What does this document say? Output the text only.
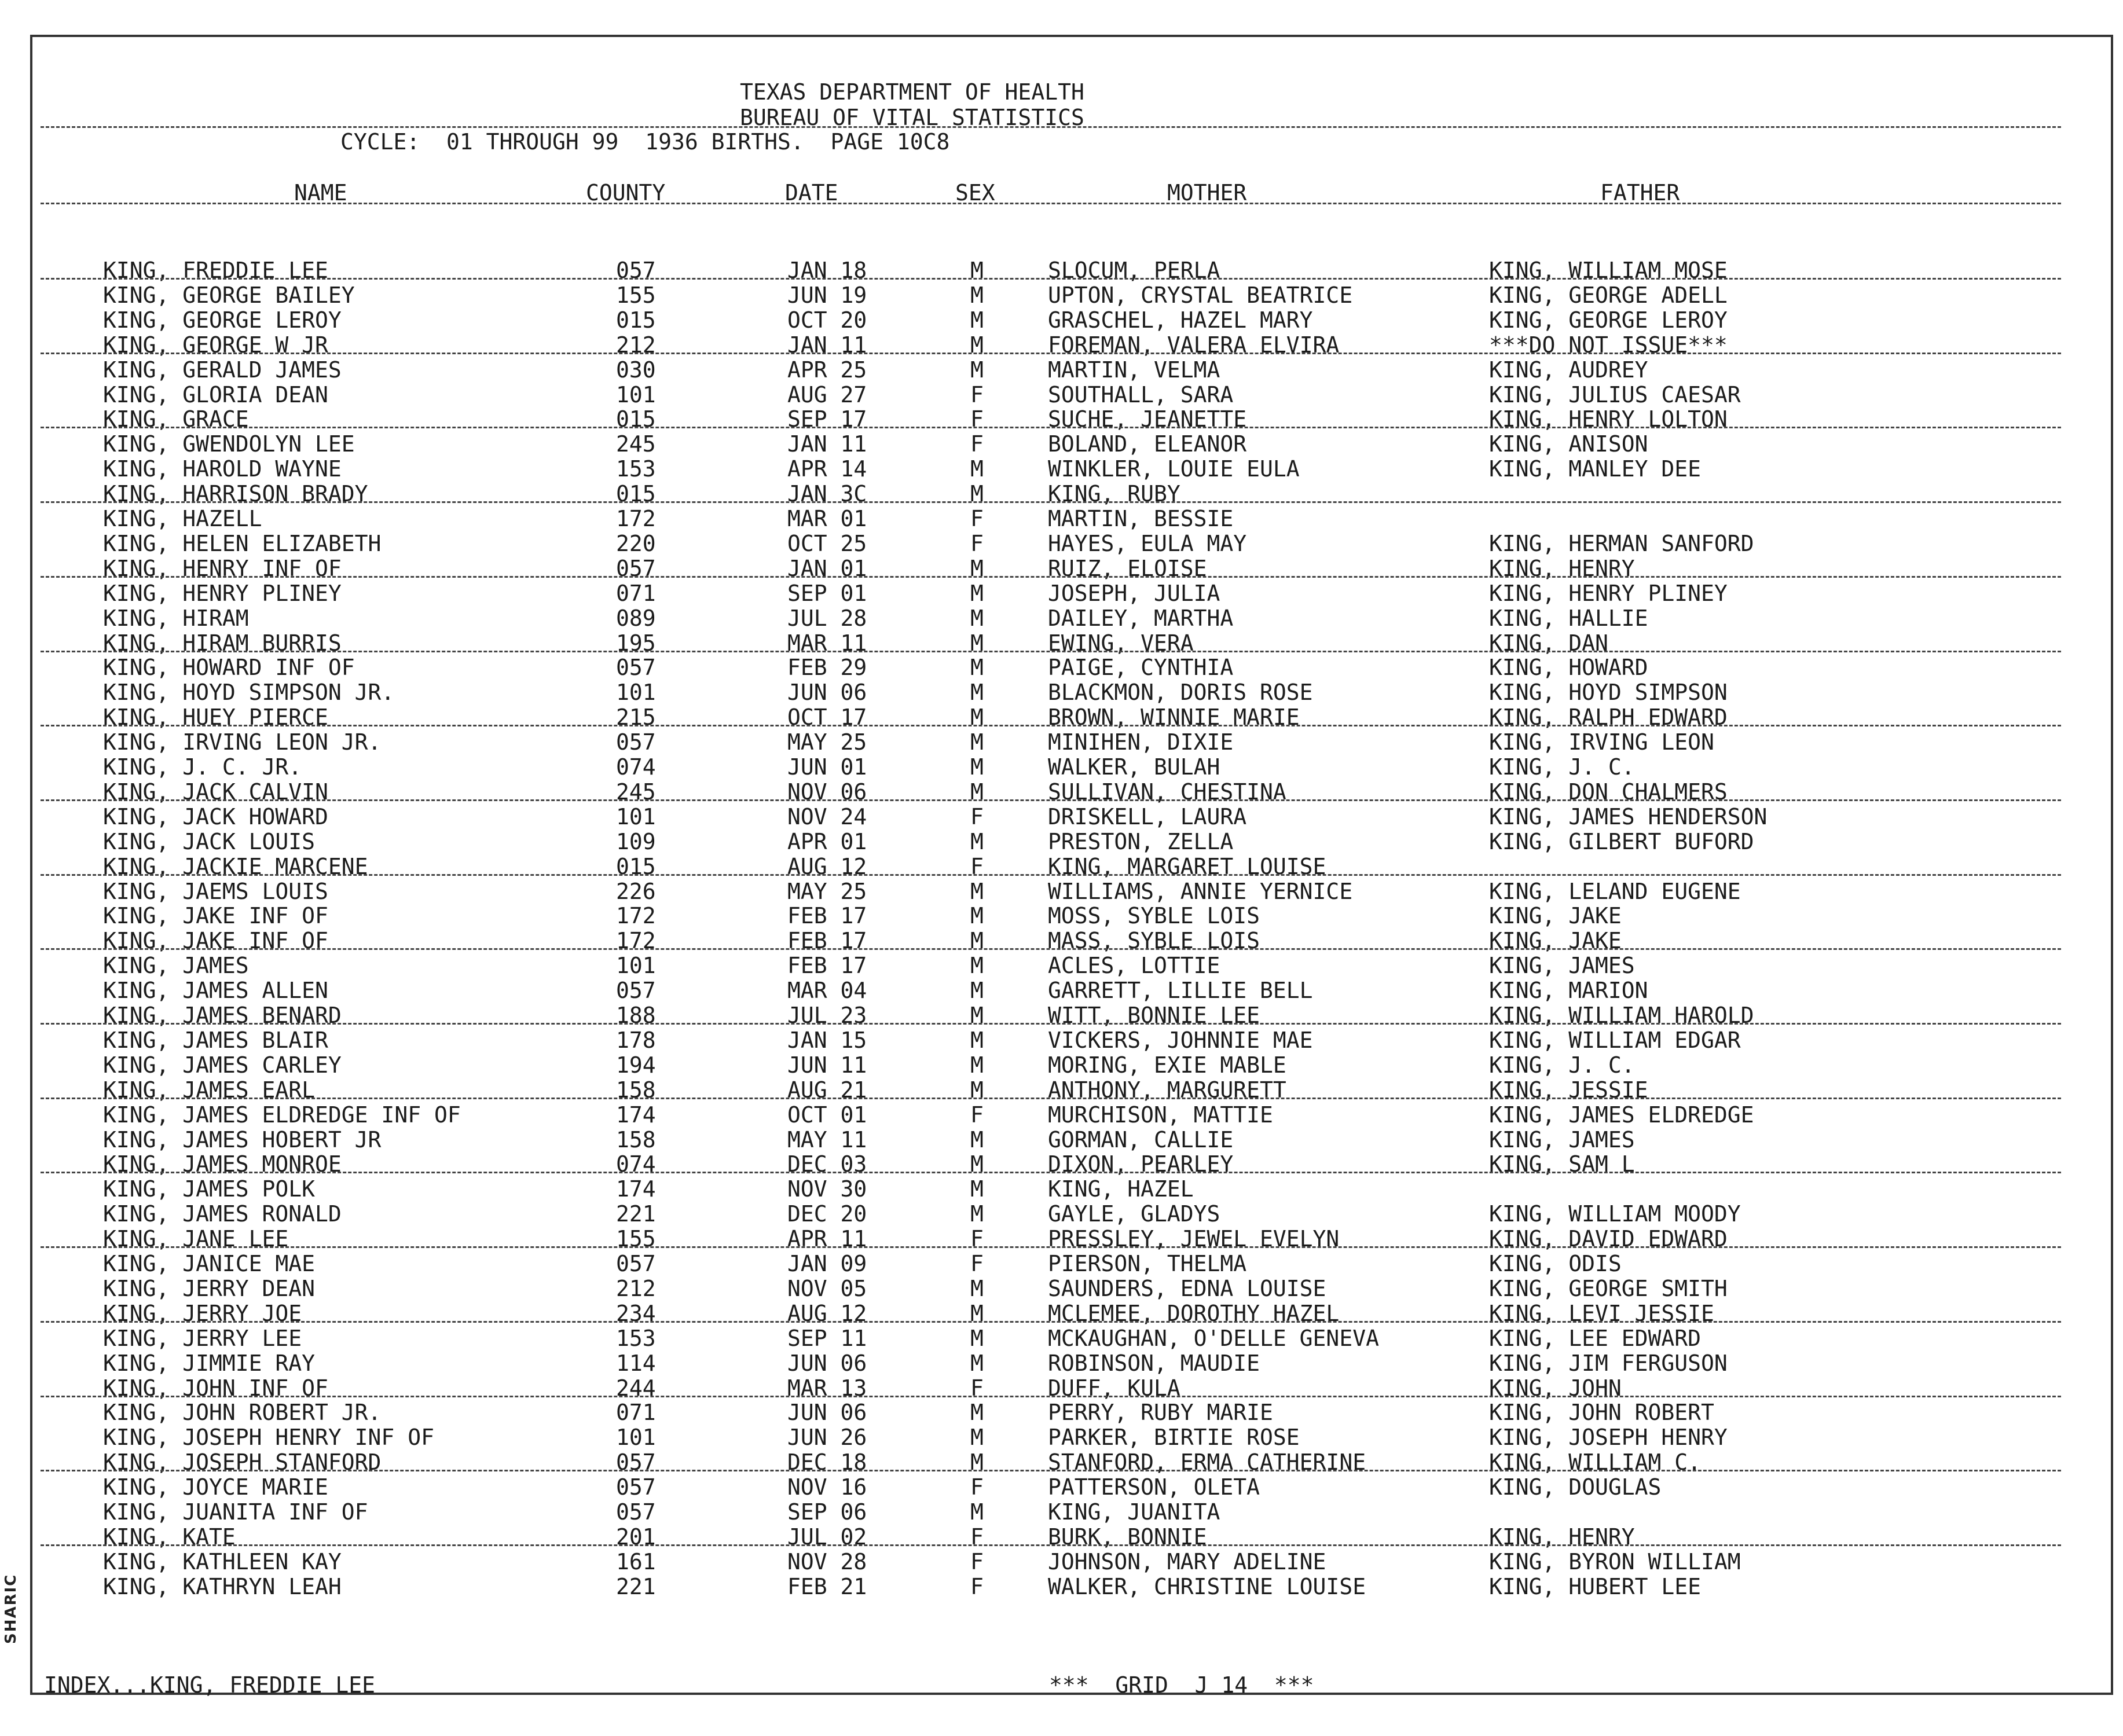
SHARIC
TEXAS DEPARTMENT OF HEALTH
BUREAU OF VITAL STATISTICS
CYCLE:  01 THROUGH 99  1936 BIRTHS.  PAGE 10C8
NAME	COUNTY	DATE	SEX	MOTHER	FATHER
KING, FREDDIE LEE	057	JAN 18	M	SLOCUM, PERLA	KING, WILLIAM MOSE
KING, GEORGE BAILEY	155	JUN 19	M	UPTON, CRYSTAL BEATRICE	KING, GEORGE ADELL
KING, GEORGE LEROY	015	OCT 20	M	GRASCHEL, HAZEL MARY	KING, GEORGE LEROY
KING, GEORGE W JR	212	JAN 11	M	FOREMAN, VALERA ELVIRA	***DO NOT ISSUE***
KING, GERALD JAMES	030	APR 25	M	MARTIN, VELMA	KING, AUDREY
KING, GLORIA DEAN	101	AUG 27	F	SOUTHALL, SARA	KING, JULIUS CAESAR
KING, GRACE	015	SEP 17	F	SUCHE, JEANETTE	KING, HENRY LOLTON
KING, GWENDOLYN LEE	245	JAN 11	F	BOLAND, ELEANOR	KING, ANISON
KING, HAROLD WAYNE	153	APR 14	M	WINKLER, LOUIE EULA	KING, MANLEY DEE
KING, HARRISON BRADY	015	JAN 3C	M	KING, RUBY
KING, HAZELL	172	MAR 01	F	MARTIN, BESSIE
KING, HELEN ELIZABETH	220	OCT 25	F	HAYES, EULA MAY	KING, HERMAN SANFORD
KING, HENRY INF OF	057	JAN 01	M	RUIZ, ELOISE	KING, HENRY
KING, HENRY PLINEY	071	SEP 01	M	JOSEPH, JULIA	KING, HENRY PLINEY
KING, HIRAM	089	JUL 28	M	DAILEY, MARTHA	KING, HALLIE
KING, HIRAM BURRIS	195	MAR 11	M	EWING, VERA	KING, DAN
KING, HOWARD INF OF	057	FEB 29	M	PAIGE, CYNTHIA	KING, HOWARD
KING, HOYD SIMPSON JR.	101	JUN 06	M	BLACKMON, DORIS ROSE	KING, HOYD SIMPSON
KING, HUEY PIERCE	215	OCT 17	M	BROWN, WINNIE MARIE	KING, RALPH EDWARD
KING, IRVING LEON JR.	057	MAY 25	M	MINIHEN, DIXIE	KING, IRVING LEON
KING, J. C. JR.	074	JUN 01	M	WALKER, BULAH	KING, J. C.
KING, JACK CALVIN	245	NOV 06	M	SULLIVAN, CHESTINA	KING, DON CHALMERS
KING, JACK HOWARD	101	NOV 24	F	DRISKELL, LAURA	KING, JAMES HENDERSON
KING, JACK LOUIS	109	APR 01	M	PRESTON, ZELLA	KING, GILBERT BUFORD
KING, JACKIE MARCENE	015	AUG 12	F	KING, MARGARET LOUISE
KING, JAEMS LOUIS	226	MAY 25	M	WILLIAMS, ANNIE YERNICE	KING, LELAND EUGENE
KING, JAKE INF OF	172	FEB 17	M	MOSS, SYBLE LOIS	KING, JAKE
KING, JAKE INF OF	172	FEB 17	M	MASS, SYBLE LOIS	KING, JAKE
KING, JAMES	101	FEB 17	M	ACLES, LOTTIE	KING, JAMES
KING, JAMES ALLEN	057	MAR 04	M	GARRETT, LILLIE BELL	KING, MARION
KING, JAMES BENARD	188	JUL 23	M	WITT, BONNIE LEE	KING, WILLIAM HAROLD
KING, JAMES BLAIR	178	JAN 15	M	VICKERS, JOHNNIE MAE	KING, WILLIAM EDGAR
KING, JAMES CARLEY	194	JUN 11	M	MORING, EXIE MABLE	KING, J. C.
KING, JAMES EARL	158	AUG 21	M	ANTHONY, MARGURETT	KING, JESSIE
KING, JAMES ELDREDGE INF OF	174	OCT 01	F	MURCHISON, MATTIE	KING, JAMES ELDREDGE
KING, JAMES HOBERT JR	158	MAY 11	M	GORMAN, CALLIE	KING, JAMES
KING, JAMES MONROE	074	DEC 03	M	DIXON, PEARLEY	KING, SAM L
KING, JAMES POLK	174	NOV 30	M	KING, HAZEL
KING, JAMES RONALD	221	DEC 20	M	GAYLE, GLADYS	KING, WILLIAM MOODY
KING, JANE LEE	155	APR 11	F	PRESSLEY, JEWEL EVELYN	KING, DAVID EDWARD
KING, JANICE MAE	057	JAN 09	F	PIERSON, THELMA	KING, ODIS
KING, JERRY DEAN	212	NOV 05	M	SAUNDERS, EDNA LOUISE	KING, GEORGE SMITH
KING, JERRY JOE	234	AUG 12	M	MCLEMEE, DOROTHY HAZEL	KING, LEVI JESSIE
KING, JERRY LEE	153	SEP 11	M	MCKAUGHAN, O'DELLE GENEVA	KING, LEE EDWARD
KING, JIMMIE RAY	114	JUN 06	M	ROBINSON, MAUDIE	KING, JIM FERGUSON
KING, JOHN INF OF	244	MAR 13	F	DUFF, KULA	KING, JOHN
KING, JOHN ROBERT JR.	071	JUN 06	M	PERRY, RUBY MARIE	KING, JOHN ROBERT
KING, JOSEPH HENRY INF OF	101	JUN 26	M	PARKER, BIRTIE ROSE	KING, JOSEPH HENRY
KING, JOSEPH STANFORD	057	DEC 18	M	STANFORD, ERMA CATHERINE	KING, WILLIAM C.
KING, JOYCE MARIE	057	NOV 16	F	PATTERSON, OLETA	KING, DOUGLAS
KING, JUANITA INF OF	057	SEP 06	M	KING, JUANITA
KING, KATE	201	JUL 02	F	BURK, BONNIE	KING, HENRY
KING, KATHLEEN KAY	161	NOV 28	F	JOHNSON, MARY ADELINE	KING, BYRON WILLIAM
KING, KATHRYN LEAH	221	FEB 21	F	WALKER, CHRISTINE LOUISE	KING, HUBERT LEE
INDEX...KING, FREDDIE LEE	***  GRID  J 14  ***
